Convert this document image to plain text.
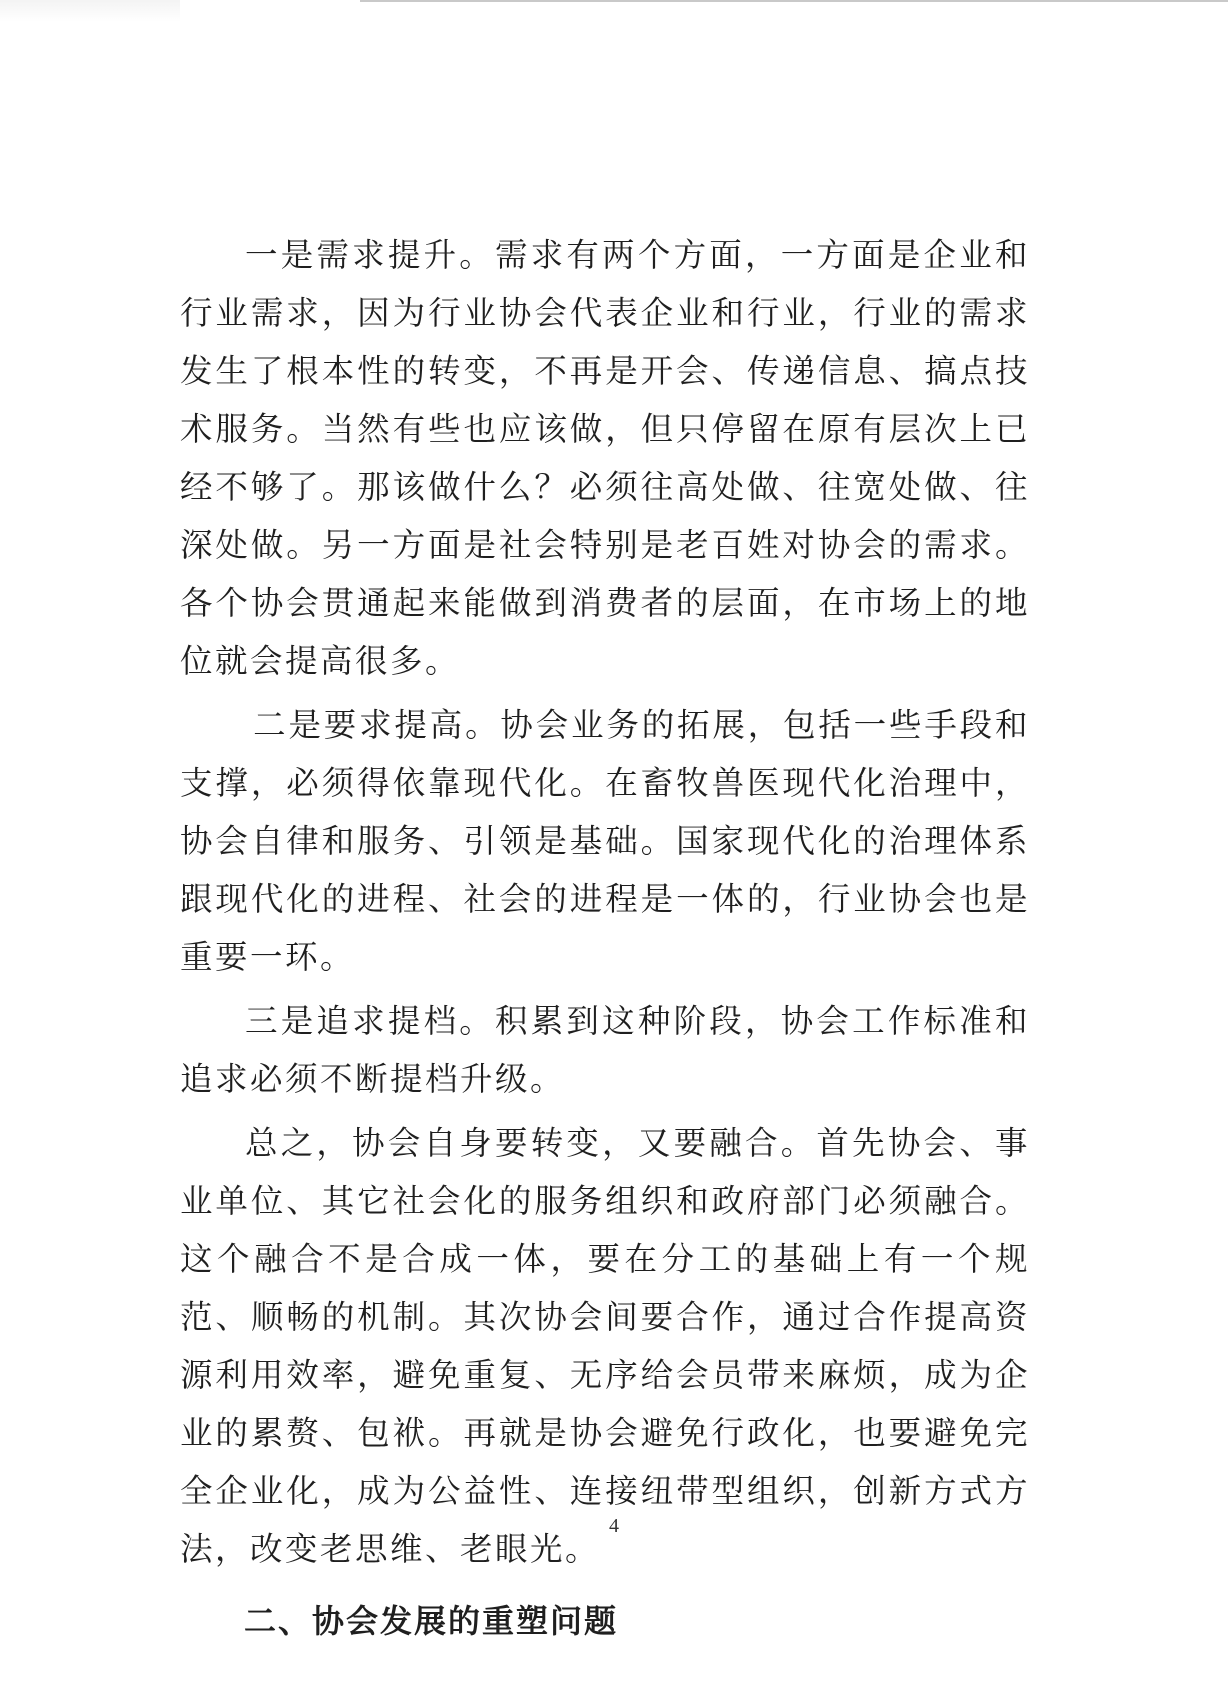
一是需求提升。需求有两个方面，一方面是企业和行业需求，因为行业协会代表企业和行业，行业的需求发生了根本性的转变，不再是开会、传递信息、搞点技术服务。当然有些也应该做，但只停留在原有层次上已经不够了。那该做什么？必须往高处做、往宽处做、往深处做。另一方面是社会特别是老百姓对协会的需求。各个协会贯通起来能做到消费者的层面，在市场上的地位就会提高很多。

二是要求提高。协会业务的拓展，包括一些手段和支撑，必须得依靠现代化。在畜牧兽医现代化治理中，协会自律和服务、引领是基础。国家现代化的治理体系跟现代化的进程、社会的进程是一体的，行业协会也是重要一环。

三是追求提档。积累到这种阶段，协会工作标准和追求必须不断提档升级。

总之，协会自身要转变，又要融合。首先协会、事业单位、其它社会化的服务组织和政府部门必须融合。这个融合不是合成一体，要在分工的基础上有一个规范、顺畅的机制。其次协会间要合作，通过合作提高资源利用效率，避免重复、无序给会员带来麻烦，成为企业的累赘、包袱。再就是协会避免行政化，也要避免完全企业化，成为公益性、连接纽带型组织，创新方式方法，改变老思维、老眼光。

二、协会发展的重塑问题
4
